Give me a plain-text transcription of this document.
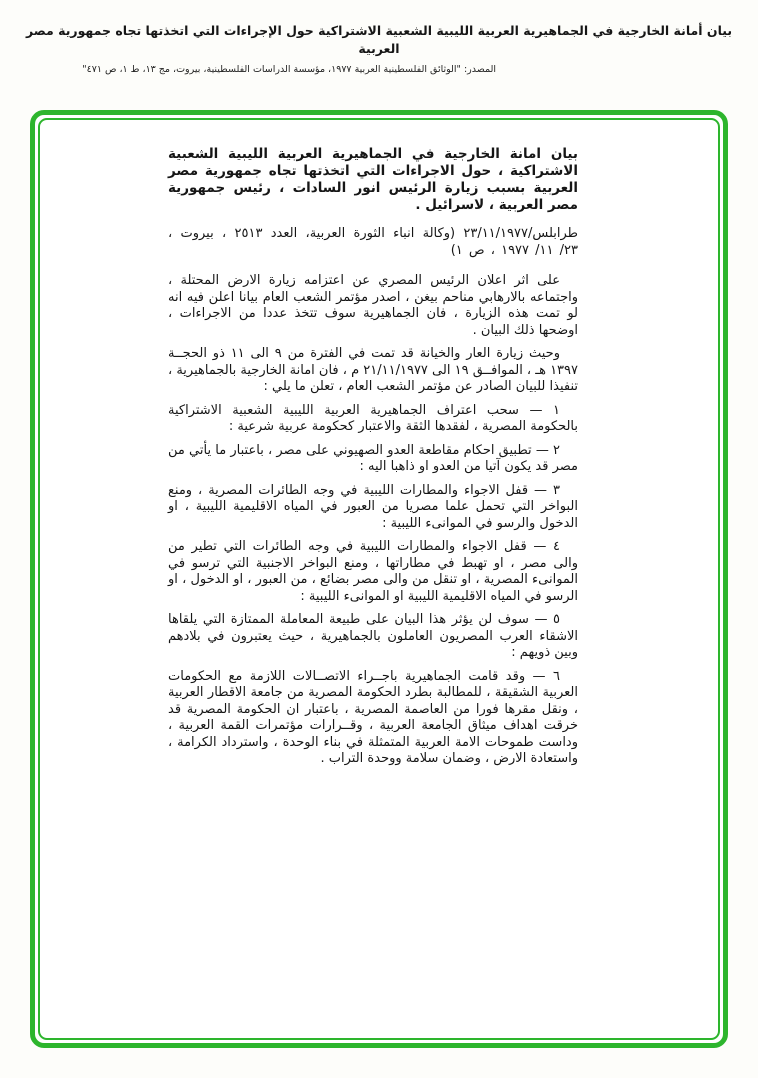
بيان أمانة الخارجية في الجماهيرية العربية الليبية الشعبية الاشتراكية حول الإجراءات التي اتخذتها تجاه جمهورية مصر العربية
المصدر: "الوثائق الفلسطينية العربية ١٩٧٧، مؤسسة الدراسات الفلسطينية، بيروت، مج ١٣، ط ١، ص ٤٧١"
بيان امانة الخارجية في الجماهيرية العربية الليبية الشعبية الاشتراكية ، حول الاجراءات التي اتخذتها تجاه جمهورية مصر العربية بسبب زيارة الرئيس انور السادات ، رئيس جمهورية مصر العربية ، لاسرائيل .

طرابلس/٢٣/١١/١٩٧٧ (وكالة انباء الثورة العربية، العدد ٢٥١٣ ، بيروت ، ٢٣/ ١١/ ١٩٧٧ ، ص ١)

على اثر اعلان الرئيس المصري عن اعتزامه زيارة الارض المحتلة ، واجتماعه بالارهابي مناحم بيغن ، اصدر مؤتمر الشعب العام بيانا اعلن فيه انه لو تمت هذه الزيارة ، فان الجماهيرية سوف تتخذ عددا من الاجراءات ، اوضحها ذلك البيان .

وحيث زيارة العار والخيانة قد تمت في الفترة من ٩ الى ١١ ذو الحجــة ١٣٩٧ هـ ، الموافــق ١٩ الى ٢١/١١/١٩٧٧ م ، فان امانة الخارجية بالجماهيرية ، تنفيذا للبيان الصادر عن مؤتمر الشعب العام ، تعلن ما يلي :

١ — سحب اعتراف الجماهيرية العربية الليبية الشعبية الاشتراكية بالحكومة المصرية ، لفقدها الثقة والاعتبار كحكومة عربية شرعية :

٢ — تطبيق احكام مقاطعة العدو الصهيوني على مصر ، باعتبار ما يأتي من مصر قد يكون آتيا من العدو او ذاهبا اليه :

٣ — قفل الاجواء والمطارات الليبية في وجه الطائرات المصرية ، ومنع البواخر التي تحمل علما مصريا من العبور في المياه الاقليمية الليبية ، او الدخول والرسو في الموانىء الليبية :

٤ — قفل الاجواء والمطارات الليبية في وجه الطائرات التي تطير من والى مصر ، او تهبط في مطاراتها ، ومنع البواخر الاجنبية التي ترسو في الموانىء المصرية ، او تنقل من والى مصر بضائع ، من العبور ، او الدخول ، او الرسو في المياه الاقليمية الليبية او الموانىء الليبية :

٥ — سوف لن يؤثر هذا البيان على طبيعة المعاملة الممتازة التي يلقاها الاشقاء العرب المصريون العاملون بالجماهيرية ، حيث يعتبرون في بلادهم وبين ذويهم :

٦ — وقد قامت الجماهيرية باجــراء الاتصــالات اللازمة مع الحكومات العربية الشقيقة ، للمطالبة بطرد الحكومة المصرية من جامعة الاقطار العربية ، ونقل مقرها فورا من العاصمة المصرية ، باعتبار ان الحكومة المصرية قد خرقت اهداف ميثاق الجامعة العربية ، وقــرارات مؤتمرات القمة العربية ، وداست طموحات الامة العربية المتمثلة في بناء الوحدة ، واسترداد الكرامة ، واستعادة الارض ، وضمان سلامة ووحدة التراب .
